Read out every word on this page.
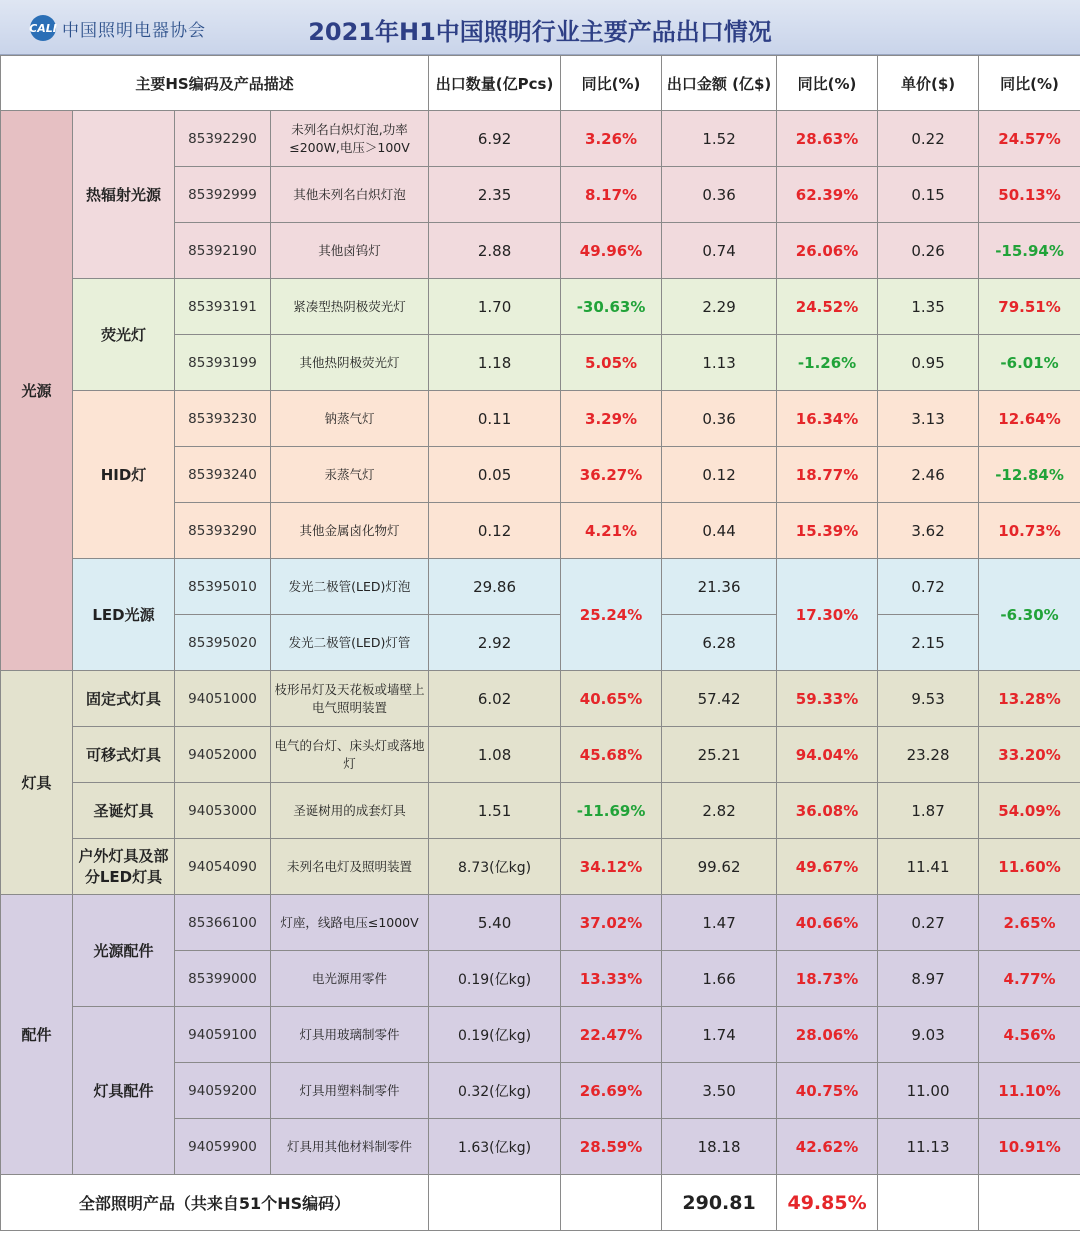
CALI 中国照明电器协会	2021年H1中国照明行业主要产品出口情况
主要HS编码及产品描述				出口数量(亿Pcs)	同比(%)	出口金额 (亿$)	同比(%)	单价($)	同比(%)
光源	热辐射光源	85392290	未列名白炽灯泡,功率≤200W,电压＞100V	6.92	3.26%	1.52	28.63%	0.22	24.57%
		85392999	其他未列名白炽灯泡	2.35	8.17%	0.36	62.39%	0.15	50.13%
		85392190	其他卤钨灯	2.88	49.96%	0.74	26.06%	0.26	-15.94%
	荧光灯	85393191	紧凑型热阴极荧光灯	1.70	-30.63%	2.29	24.52%	1.35	79.51%
		85393199	其他热阴极荧光灯	1.18	5.05%	1.13	-1.26%	0.95	-6.01%
	HID灯	85393230	钠蒸气灯	0.11	3.29%	0.36	16.34%	3.13	12.64%
		85393240	汞蒸气灯	0.05	36.27%	0.12	18.77%	2.46	-12.84%
		85393290	其他金属卤化物灯	0.12	4.21%	0.44	15.39%	3.62	10.73%
	LED光源	85395010	发光二极管(LED)灯泡	29.86	25.24%	21.36	17.30%	0.72	-6.30%
		85395020	发光二极管(LED)灯管	2.92		6.28		2.15	
灯具	固定式灯具	94051000	枝形吊灯及天花板或墙壁上电气照明装置	6.02	40.65%	57.42	59.33%	9.53	13.28%
	可移式灯具	94052000	电气的台灯、床头灯或落地灯	1.08	45.68%	25.21	94.04%	23.28	33.20%
	圣诞灯具	94053000	圣诞树用的成套灯具	1.51	-11.69%	2.82	36.08%	1.87	54.09%
	户外灯具及部分LED灯具	94054090	未列名电灯及照明装置	8.73(亿kg)	34.12%	99.62	49.67%	11.41	11.60%
配件	光源配件	85366100	灯座，线路电压≤1000V	5.40	37.02%	1.47	40.66%	0.27	2.65%
		85399000	电光源用零件	0.19(亿kg)	13.33%	1.66	18.73%	8.97	4.77%
	灯具配件	94059100	灯具用玻璃制零件	0.19(亿kg)	22.47%	1.74	28.06%	9.03	4.56%
		94059200	灯具用塑料制零件	0.32(亿kg)	26.69%	3.50	40.75%	11.00	11.10%
		94059900	灯具用其他材料制零件	1.63(亿kg)	28.59%	18.18	42.62%	11.13	10.91%
全部照明产品（共来自51个HS编码）						290.81	49.85%		
